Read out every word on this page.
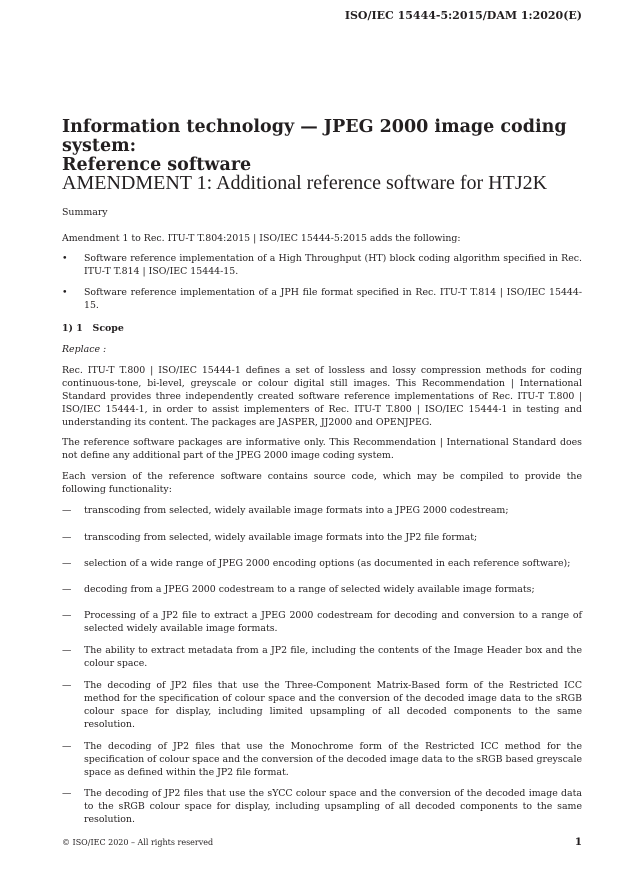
ISO/IEC 15444-5:2015/DAM 1:2020(E)
Information technology — JPEG 2000 image coding system:
Reference software
AMENDMENT 1: Additional reference software for HTJ2K

Summary

Amendment 1 to Rec. ITU-T T.804:2015 | ISO/IEC 15444-5:2015 adds the following:

•	Software reference implementation of a High Throughput (HT) block coding algorithm specified in Rec. ITU-T T.814 | ISO/IEC 15444-15.
•	Software reference implementation of a JPH file format specified in Rec. ITU-T T.814 | ISO/IEC 15444-15.
1) 1 Scope

Replace :

Rec. ITU-T T.800 | ISO/IEC 15444-1 defines a set of lossless and lossy compression methods for coding continuous-tone, bi-level, greyscale or colour digital still images. This Recommendation | International Standard provides three independently created software reference implementations of Rec. ITU-T T.800 | ISO/IEC 15444-1, in order to assist implementers of Rec. ITU-T T.800 | ISO/IEC 15444-1 in testing and understanding its content. The packages are JASPER, JJ2000 and OPENJPEG.

The reference software packages are informative only. This Recommendation | International Standard does not define any additional part of the JPEG 2000 image coding system.

Each version of the reference software contains source code, which may be compiled to provide the following functionality:

—	transcoding from selected, widely available image formats into a JPEG 2000 codestream;
—	transcoding from selected, widely available image formats into the JP2 file format;
—	selection of a wide range of JPEG 2000 encoding options (as documented in each reference software);
—	decoding from a JPEG 2000 codestream to a range of selected widely available image formats;
—	Processing of a JP2 file to extract a JPEG 2000 codestream for decoding and conversion to a range of selected widely available image formats.
—	The ability to extract metadata from a JP2 file, including the contents of the Image Header box and the colour space.
—	The decoding of JP2 files that use the Three-Component Matrix-Based form of the Restricted ICC method for the specification of colour space and the conversion of the decoded image data to the sRGB colour space for display, including limited upsampling of all decoded components to the same resolution.
—	The decoding of JP2 files that use the Monochrome form of the Restricted ICC method for the specification of colour space and the conversion of the decoded image data to the sRGB based greyscale space as defined within the JP2 file format.
—	The decoding of JP2 files that use the sYCC colour space and the conversion of the decoded image data to the sRGB colour space for display, including upsampling of all decoded components to the same resolution.
© ISO/IEC 2020 – All rights reserved	1
